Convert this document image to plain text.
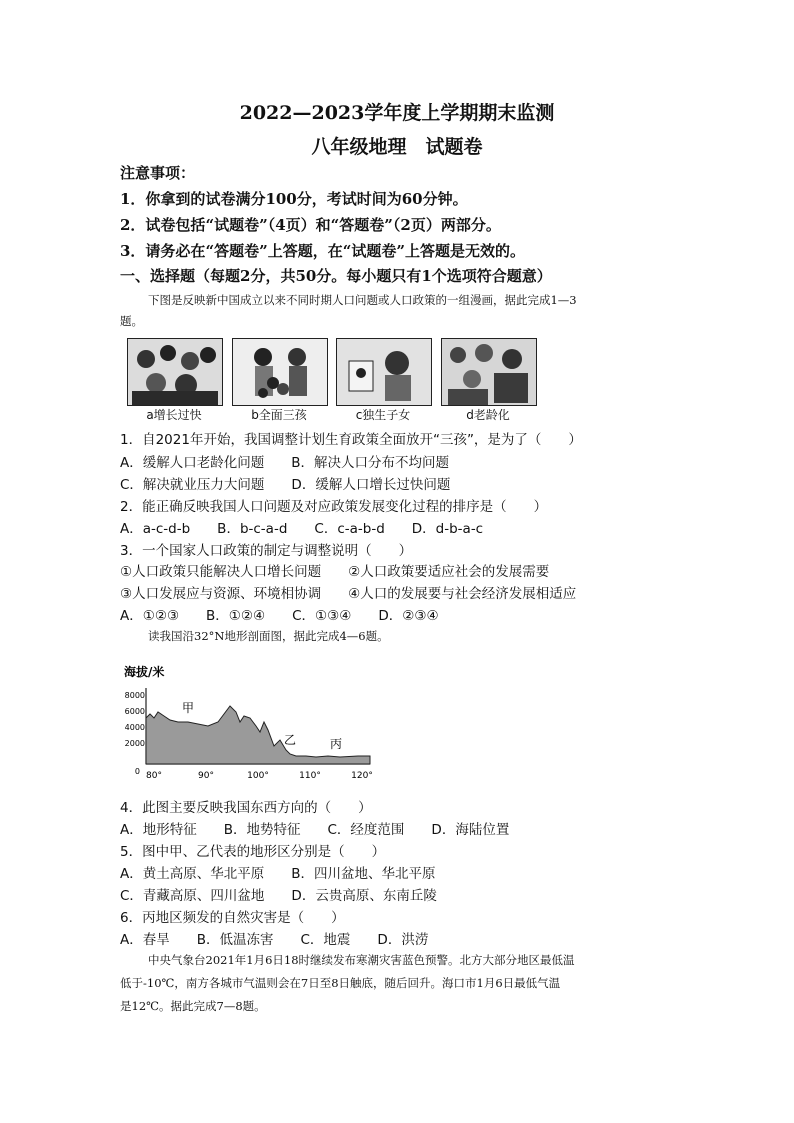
2022—2023学年度上学期期末监测
八年级地理　试题卷
注意事项：
1．你拿到的试卷满分100分，考试时间为60分钟。
2．试卷包括“试题卷”（4页）和“答题卷”（2页）两部分。
3．请务必在“答题卷”上答题，在“试题卷”上答题是无效的。
一、选择题（每题2分，共50分。每小题只有1个选项符合题意）
下图是反映新中国成立以来不同时期人口问题或人口政策的一组漫画，据此完成1—3
题。
a增长过快	b全面三孩	c独生子女	d老龄化
1．自2021年开始，我国调整计划生育政策全面放开“三孩”，是为了（　　）
A．缓解人口老龄化问题　　B．解决人口分布不均问题
C．解决就业压力大问题　　D．缓解人口增长过快问题
2．能正确反映我国人口问题及对应政策发展变化过程的排序是（　　）
A．a-c-d-b　　B．b-c-a-d　　C．c-a-b-d　　D．d-b-a-c
3．一个国家人口政策的制定与调整说明（　　）
①人口政策只能解决人口增长问题　　②人口政策要适应社会的发展需要
③人口发展应与资源、环境相协调　　④人口的发展要与社会经济发展相适应
A．①②③　　B．①②④　　C．①③④　　D．②③④
读我国沿32°N地形剖面图，据此完成4—6题。
海拔/米
8000
6000
4000
2000
0
甲
乙	丙
80°	90°	100°	110°	120°
4．此图主要反映我国东西方向的（　　）
A．地形特征　　B．地势特征　　C．经度范围　　D．海陆位置
5．图中甲、乙代表的地形区分别是（　　）
A．黄土高原、华北平原　　B．四川盆地、华北平原
C．青藏高原、四川盆地　　D．云贵高原、东南丘陵
6．丙地区频发的自然灾害是（　　）
A．春旱　　B．低温冻害　　C．地震　　D．洪涝
中央气象台2021年1月6日18时继续发布寒潮灾害蓝色预警。北方大部分地区最低温
低于-10℃，南方各城市气温则会在7日至8日触底，随后回升。海口市1月6日最低气温
是12℃。据此完成7—8题。
